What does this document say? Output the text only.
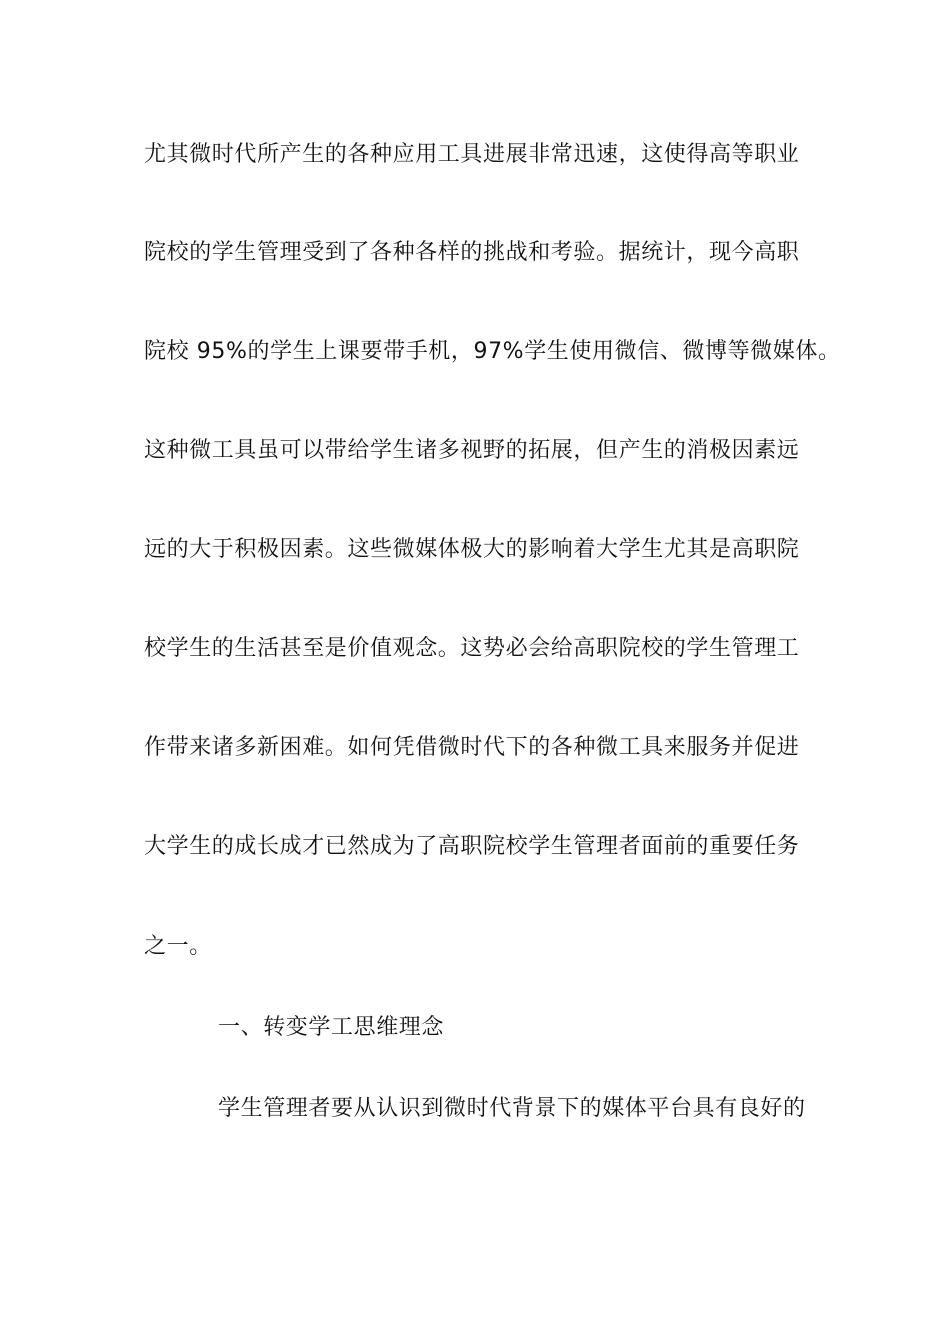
尤其微时代所产生的各种应用工具进展非常迅速，这使得高等职业
院校的学生管理受到了各种各样的挑战和考验。据统计，现今高职
院校 95%的学生上课要带手机，97%学生使用微信、微博等微媒体。
这种微工具虽可以带给学生诸多视野的拓展，但产生的消极因素远
远的大于积极因素。这些微媒体极大的影响着大学生尤其是高职院
校学生的生活甚至是价值观念。这势必会给高职院校的学生管理工
作带来诸多新困难。如何凭借微时代下的各种微工具来服务并促进
大学生的成长成才已然成为了高职院校学生管理者面前的重要任务
之一。
一、转变学工思维理念
学生管理者要从认识到微时代背景下的媒体平台具有良好的
